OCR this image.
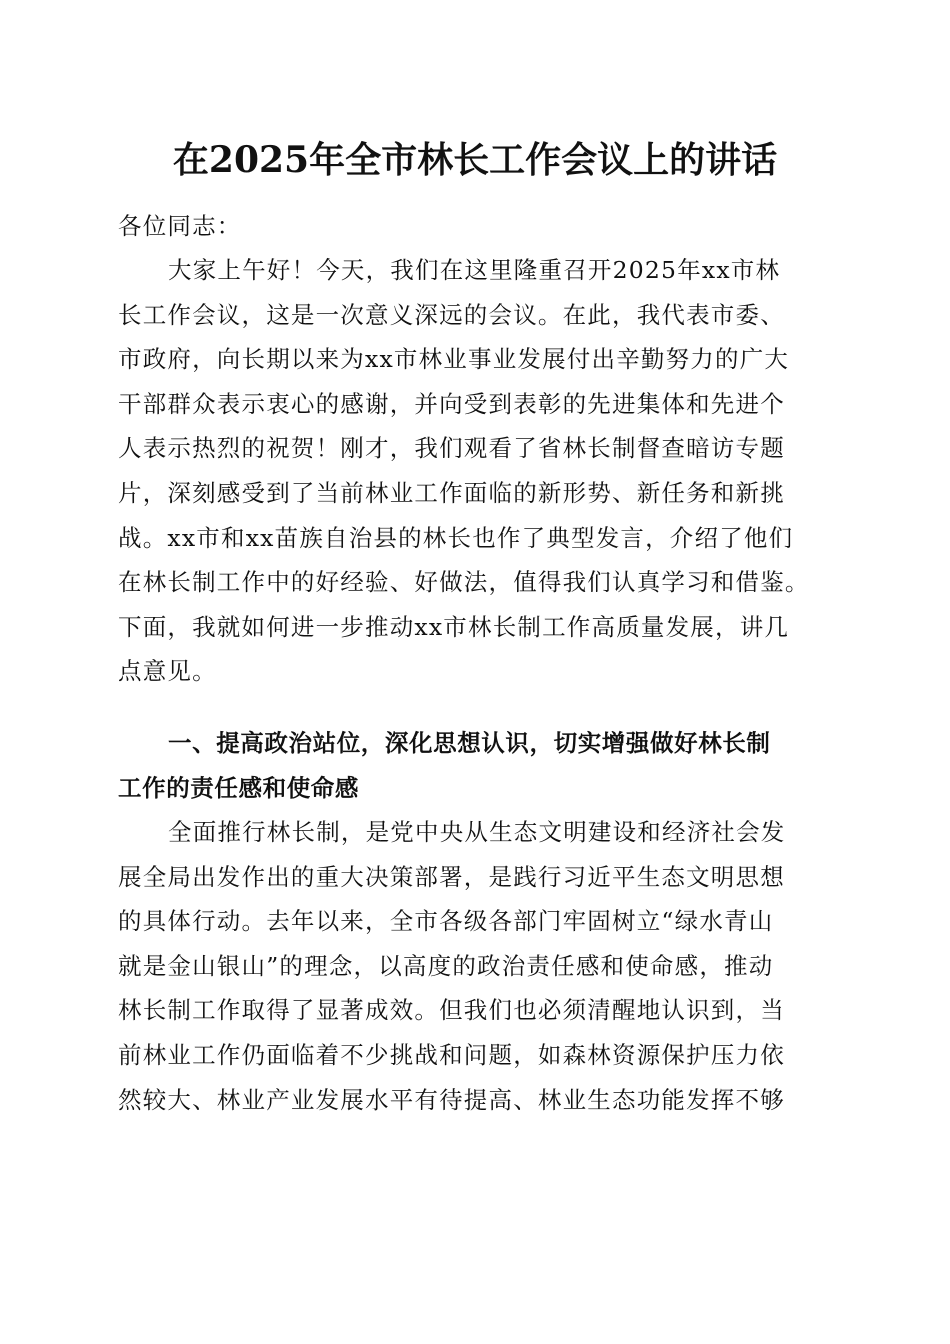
在2025年全市林长工作会议上的讲话
各位同志：
大家上午好！今天，我们在这里隆重召开2025年xx市林
长工作会议，这是一次意义深远的会议。在此，我代表市委、
市政府，向长期以来为xx市林业事业发展付出辛勤努力的广大
干部群众表示衷心的感谢，并向受到表彰的先进集体和先进个
人表示热烈的祝贺！刚才，我们观看了省林长制督查暗访专题
片，深刻感受到了当前林业工作面临的新形势、新任务和新挑
战。xx市和xx苗族自治县的林长也作了典型发言，介绍了他们
在林长制工作中的好经验、好做法，值得我们认真学习和借鉴。
下面，我就如何进一步推动xx市林长制工作高质量发展，讲几
点意见。
一、提高政治站位，深化思想认识，切实增强做好林长制
工作的责任感和使命感
全面推行林长制，是党中央从生态文明建设和经济社会发
展全局出发作出的重大决策部署，是践行习近平生态文明思想
的具体行动。去年以来，全市各级各部门牢固树立“绿水青山
就是金山银山”的理念，以高度的政治责任感和使命感，推动
林长制工作取得了显著成效。但我们也必须清醒地认识到，当
前林业工作仍面临着不少挑战和问题，如森林资源保护压力依
然较大、林业产业发展水平有待提高、林业生态功能发挥不够
